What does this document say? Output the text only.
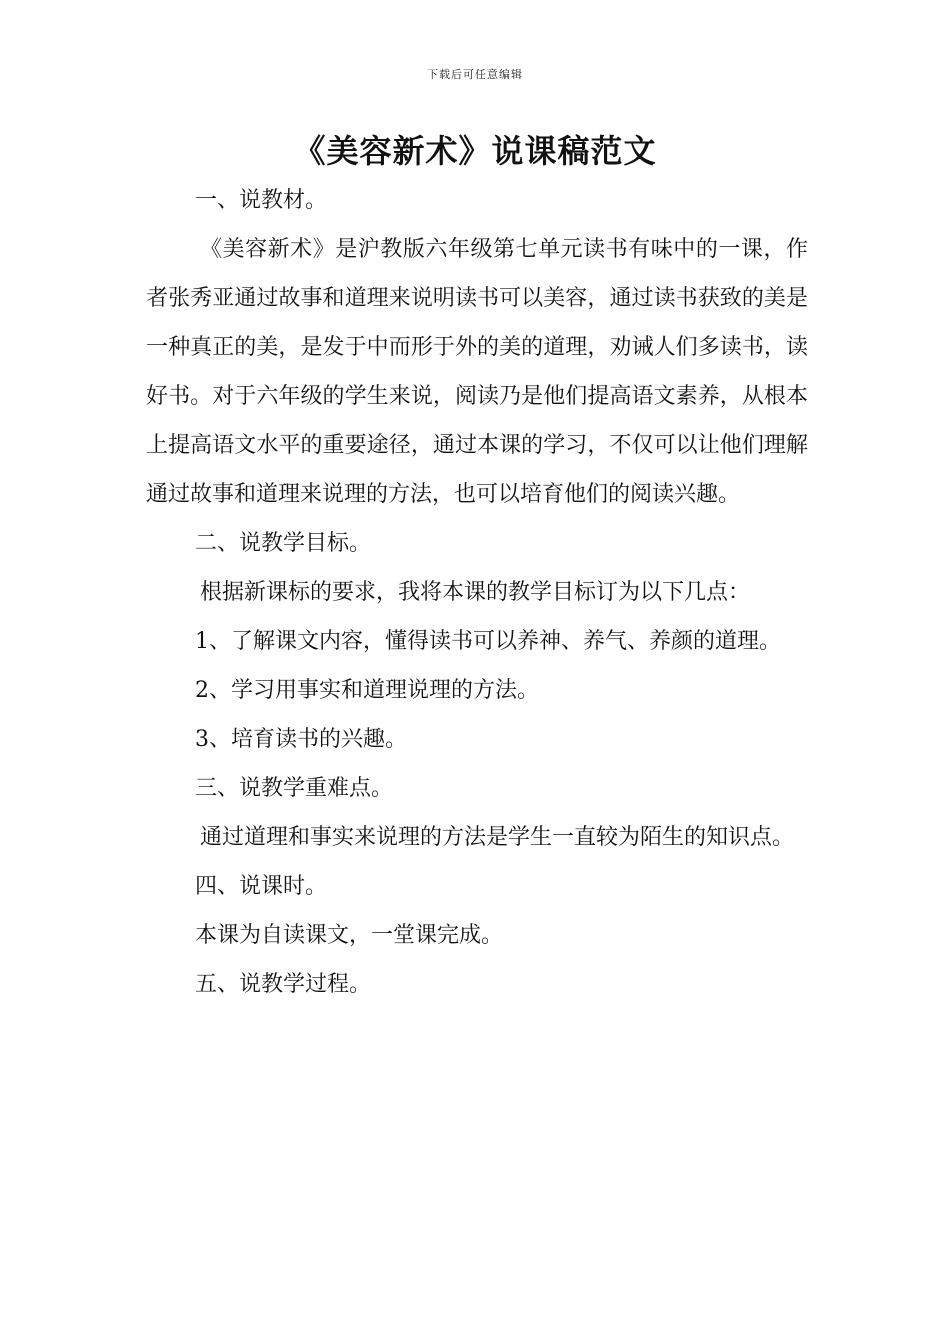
下载后可任意编辑
《美容新术》说课稿范文

一、说教材。

《美容新术》是沪教版六年级第七单元读书有味中的一课，作者张秀亚通过故事和道理来说明读书可以美容，通过读书获致的美是一种真正的美，是发于中而形于外的美的道理，劝诫人们多读书，读好书。对于六年级的学生来说，阅读乃是他们提高语文素养，从根本上提高语文水平的重要途径，通过本课的学习，不仅可以让他们理解通过故事和道理来说理的方法，也可以培育他们的阅读兴趣。

二、说教学目标。

根据新课标的要求，我将本课的教学目标订为以下几点：

1、了解课文内容，懂得读书可以养神、养气、养颜的道理。

2、学习用事实和道理说理的方法。

3、培育读书的兴趣。

三、说教学重难点。

通过道理和事实来说理的方法是学生一直较为陌生的知识点。

四、说课时。

本课为自读课文，一堂课完成。

五、说教学过程。
